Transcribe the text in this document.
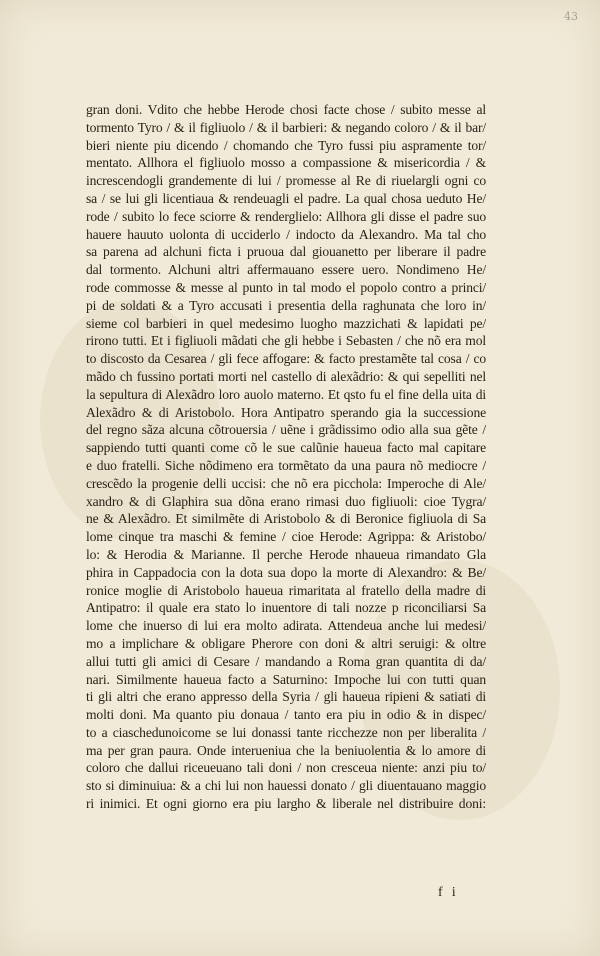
43
gran doni. Vdito che hebbe Herode chosi facte chose / subito messe al
tormento Tyro / & il figliuolo / & il barbieri: & negando coloro / & il bar/
bieri niente piu dicendo / chomando che Tyro fussi piu aspramente tor/
mentato. Allhora el figliuolo mosso a compassione & misericordia / &
increscendogli grandemente di lui / promesse al Re di riuelargli ogni co
sa / se lui gli licentiaua & rendeuagli el padre. La qual chosa ueduto He/
rode / subito lo fece sciorre & renderglielo: Allhora gli disse el padre suo
hauere hauuto uolonta di ucciderlo / indocto da Alexandro. Ma tal cho
sa parena ad alchuni ficta i pruoua dal giouanetto per liberare il padre
dal tormento. Alchuni altri affermauano essere uero. Nondimeno He/
rode commosse & messe al punto in tal modo el popolo contro a princi/
pi de soldati & a Tyro accusati i presentia della raghunata che loro in/
sieme col barbieri in quel medesimo luogho mazzichati & lapidati pe/
rirono tutti. Et i figliuoli mãdati che gli hebbe i Sebasten / che nõ era mol
to discosto da Cesarea / gli fece affogare: & facto prestamẽte tal cosa / co
mãdo ch fussino portati morti nel castello di alexãdrio: & qui sepelliti nel
la sepultura di Alexãdro loro auolo materno. Et qsto fu el fine della uita di
Alexãdro & di Aristobolo. Hora Antipatro sperando gia la successione
del regno sãza alcuna cõtrouersia / uẽne i grãdissimo odio alla sua gẽte /
sappiendo tutti quanti come cõ le sue calũnie haueua facto mal capitare
e duo fratelli. Siche nõdimeno era tormẽtato da una paura nõ mediocre /
crescẽdo la progenie delli uccisi: che nõ era picchola: Imperoche di Ale/
xandro & di Glaphira sua dõna erano rimasi duo figliuoli: cioe Tygra/
ne & Alexãdro. Et similmẽte di Aristobolo & di Beronice figliuola di Sa
lome cinque tra maschi & femine / cioe Herode: Agrippa: & Aristobo/
lo: & Herodia & Marianne. Il perche Herode nhaueua rimandato Gla
phira in Cappadocia con la dota sua dopo la morte di Alexandro: & Be/
ronice moglie di Aristobolo haueua rimaritata al fratello della madre di
Antipatro: il quale era stato lo inuentore di tali nozze p riconciliarsi Sa
lome che inuerso di lui era molto adirata. Attendeua anche lui medesi/
mo a implichare & obligare Pherore con doni & altri seruigi: & oltre
allui tutti gli amici di Cesare / mandando a Roma gran quantita di da/
nari. Similmente haueua facto a Saturnino: Impoche lui con tutti quan
ti gli altri che erano appresso della Syria / gli haueua ripieni & satiati di
molti doni. Ma quanto piu donaua / tanto era piu in odio & in dispec/
to a ciaschedunoicome se lui donassi tante ricchezze non per liberalita /
ma per gran paura. Onde interueniua che la beniuolentia & lo amore di
coloro che dallui riceueuano tali doni / non cresceua niente: anzi piu to/
sto si diminuiua: & a chi lui non hauessi donato / gli diuentauano maggio
ri inimici. Et ogni giorno era piu largho & liberale nel distribuire doni:
f i
